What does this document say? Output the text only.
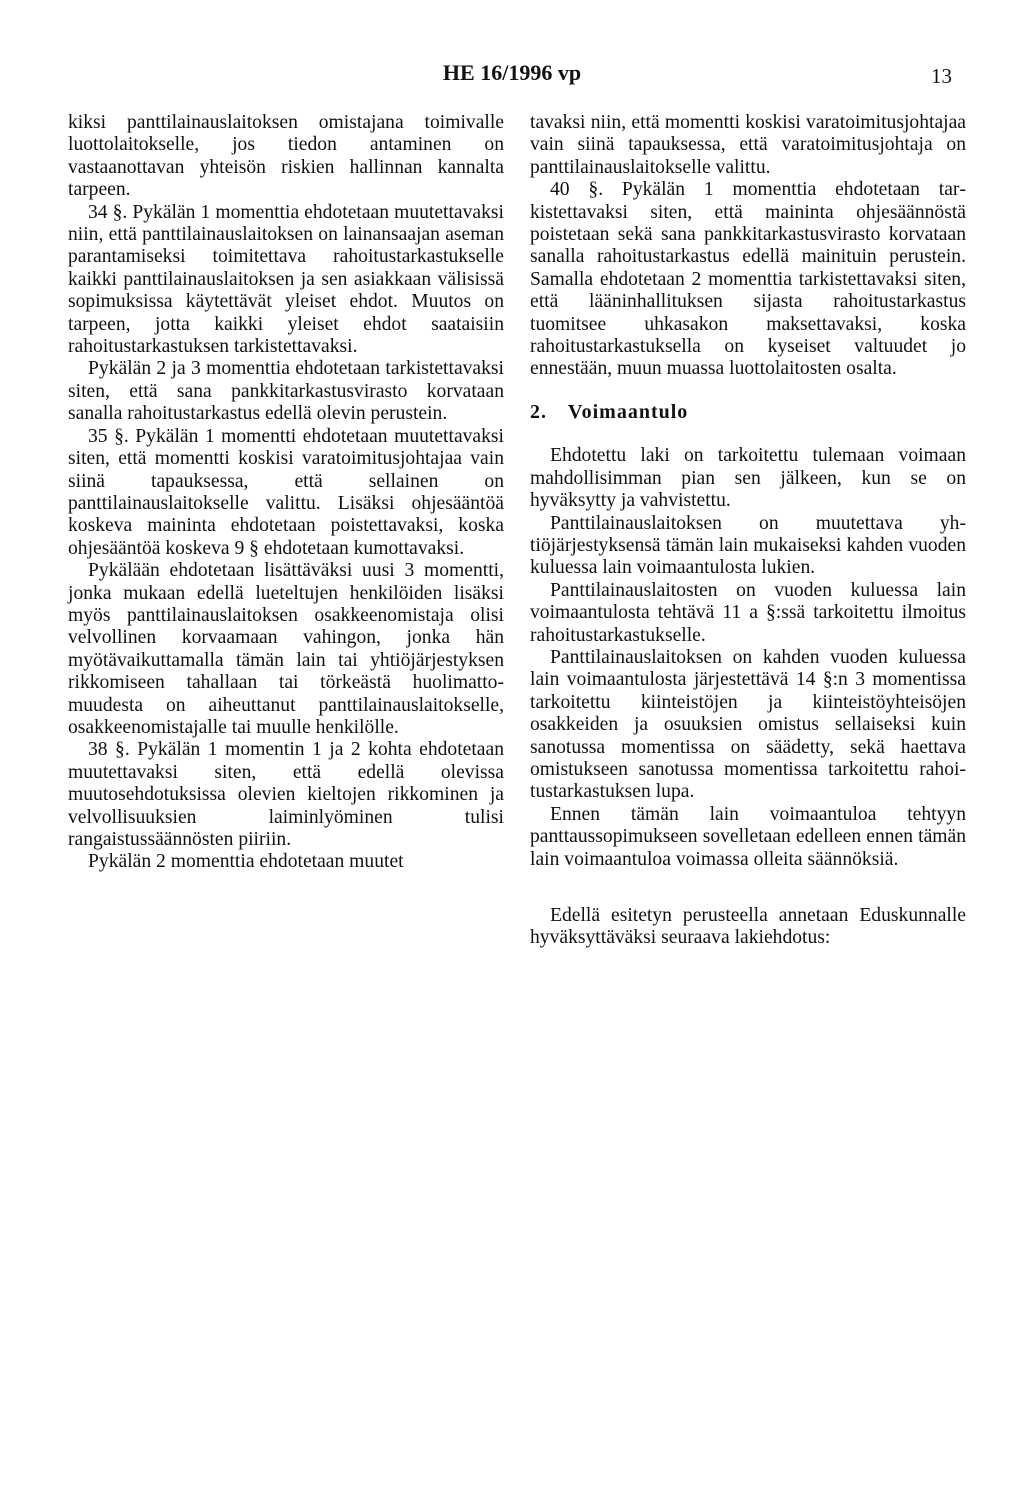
HE 16/1996 vp	13

kiksi panttilainauslaitoksen omistajana toimivalle luottolaitokselle, jos tiedon antaminen on vastaanottavan yhteisön riskien hallinnan kannalta tarpeen.

34 §. Pykälän 1 momenttia ehdotetaan muutettavaksi niin, että panttilainauslaitoksen on lainansaajan aseman parantamiseksi toimitettava rahoitustarkastukselle kaikki panttilainauslaitoksen ja sen asiakkaan välisissä sopimuksissa käytettävät yleiset ehdot. Muutos on tarpeen, jotta kaikki yleiset ehdot saataisiin rahoitustarkastuksen tarkistettavaksi.

Pykälän 2 ja 3 momenttia ehdotetaan tarkistettavaksi siten, että sana pankkitarkastusvirasto korvataan sanalla rahoitustarkastus edellä olevin perustein.

35 §. Pykälän 1 momentti ehdotetaan muutettavaksi siten, että momentti koskisi varatoimitusjohtajaa vain siinä tapauksessa, että sellainen on panttilainauslaitokselle valittu. Lisäksi ohjesääntöä koskeva maininta ehdotetaan poistettavaksi, koska ohjesääntöä koskeva 9 § ehdotetaan kumottavaksi.

Pykälään ehdotetaan lisättäväksi uusi 3 momentti, jonka mukaan edellä lueteltujen henkilöiden lisäksi myös panttilainauslaitoksen osakkeenomistaja olisi velvollinen korvaamaan vahingon, jonka hän myötävaikuttamalla tämän lain tai yhtiöjärjestyksen rikkomiseen tahallaan tai törkeästä huolimattomuudesta on aiheuttanut panttilainauslaitokselle, osakkeenomistajalle tai muulle henkilölle.

38 §. Pykälän 1 momentin 1 ja 2 kohta ehdotetaan muutettavaksi siten, että edellä olevissa muutosehdotuksissa olevien kieltojen rikkominen ja velvollisuuksien laiminlyöminen tulisi rangaistussäännösten piiriin.

Pykälän 2 momenttia ehdotetaan muutet

tavaksi niin, että momentti koskisi varatoimitusjohtajaa vain siinä tapauksessa, että varatoimitusjohtaja on panttilainauslaitokselle valittu.

40 §. Pykälän 1 momenttia ehdotetaan tarkistettavaksi siten, että maininta ohjesäännöstä poistetaan sekä sana pankkitarkastusvirasto korvataan sanalla rahoitustarkastus edellä mainituin perustein. Samalla ehdotetaan 2 momenttia tarkistettavaksi siten, että lääninhallituksen sijasta rahoitustarkastus tuomitsee uhkasakon maksettavaksi, koska rahoitustarkastuksella on kyseiset valtuudet jo ennestään, muun muassa luottolaitosten osalta.

2. Voimaantulo

Ehdotettu laki on tarkoitettu tulemaan voimaan mahdollisimman pian sen jälkeen, kun se on hyväksytty ja vahvistettu.

Panttilainauslaitoksen on muutettava yhtiöjärjestyksensä tämän lain mukaiseksi kahden vuoden kuluessa lain voimaantulosta lukien.

Panttilainauslaitosten on vuoden kuluessa lain voimaantulosta tehtävä 11 a §:ssä tarkoitettu ilmoitus rahoitustarkastukselle.

Panttilainauslaitoksen on kahden vuoden kuluessa lain voimaantulosta järjestettävä 14 §:n 3 momentissa tarkoitettu kiinteistöjen ja kiinteistöyhteisöjen osakkeiden ja osuuksien omistus sellaiseksi kuin sanotussa momentissa on säädetty, sekä haettava omistukseen sanotussa momentissa tarkoitettu rahoitustarkastuksen lupa.

Ennen tämän lain voimaantuloa tehtyyn panttaussopimukseen sovelletaan edelleen ennen tämän lain voimaantuloa voimassa olleita säännöksiä.

Edellä esitetyn perusteella annetaan Eduskunnalle hyväksyttäväksi seuraava lakiehdotus:
